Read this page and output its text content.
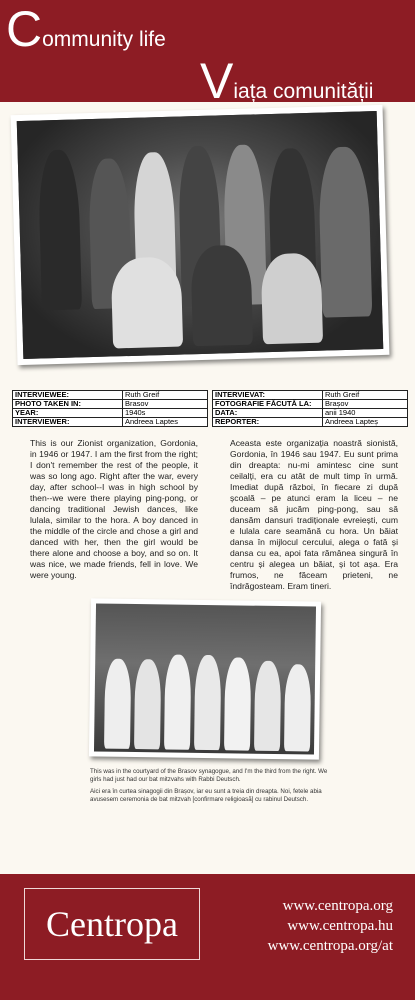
Community life
Viața comunității
INTERVIEWEE:	Ruth Greif
PHOTO TAKEN IN:	Brasov
YEAR:	1940s
INTERVIEWER:	Andreea Laptes
INTERVIEVAT:	Ruth Greif
FOTOGRAFIE FĂCUTĂ LA:	Brașov
DATA:	anii 1940
REPORTER:	Andreea Lapteș
This is our Zionist organization, Gordonia, in 1946 or 1947. I am the first from the right; I don't remember the rest of the people, it was so long ago. Right after the war, every day, after school--I was in high school by then--we were there playing ping-pong, or dancing traditional Jewish dances, like lulala, similar to the hora. A boy danced in the middle of the circle and chose a girl and danced with her, then the girl would be there alone and choose a boy, and so on. It was nice, we made friends, fell in love. We were young.
Aceasta este organizația noastră sionistă, Gordonia, în 1946 sau 1947. Eu sunt prima din dreapta: nu-mi amintesc cine sunt ceilalți, era cu atât de mult timp în urmă. Imediat după război, în fiecare zi după școală – pe atunci eram la liceu – ne duceam să jucăm ping-pong, sau să dansăm dansuri tradiționale evreiești, cum e lulala care seamănă cu hora. Un băiat dansa în mijlocul cercului, alega o fată și dansa cu ea, apoi fata rămânea singură în centru și alegea un băiat, și tot așa. Era frumos, ne făceam prieteni, ne îndrăgosteam. Eram tineri.
This was in the courtyard of the Brasov synagogue, and I'm the third from the right. We girls had just had our bat mitzvahs with Rabbi Deutsch.
Aici era în curtea sinagogii din Brașov, iar eu sunt a treia din dreapta. Noi, fetele abia avusesem ceremonia de bat mitzvah [confirmare religioasă] cu rabinul Deutsch.
Centropa	www.centropa.org
www.centropa.hu
www.centropa.org/at
